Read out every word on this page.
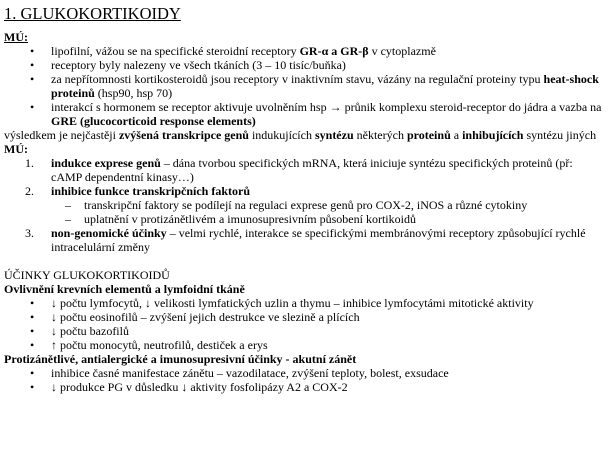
1. GLUKOKORTIKOIDY
MÚ:
• lipofilní, vážou se na specifické steroidní receptory GR-α a GR-β v cytoplazmě
• receptory byly nalezeny ve všech tkáních (3 – 10 tisíc/buňka)
• za nepřítomnosti kortikosteroidů jsou receptory v inaktivním stavu, vázány na regulační proteiny typu heat-shock proteinů (hsp90, hsp 70)
• interakcí s hormonem se receptor aktivuje uvolněním hsp → průnik komplexu steroid-receptor do jádra a vazba na GRE (glucocorticoid response elements)

výsledkem je nejčastěji zvýšená transkripce genů indukujících syntézu některých proteinů a inhibujících syntézu jiných

MÚ:
1. indukce exprese genů – dána tvorbou specifických mRNA, která iniciuje syntézu specifických proteinů (př: cAMP dependentní kinasy…)
2. inhibice funkce transkripčních faktorů
– transkripční faktory se podílejí na regulaci exprese genů pro COX-2, iNOS a různé cytokiny
– uplatnění v protizánětlivém a imunosupresivním působení kortikoidů
3. non-genomické účinky – velmi rychlé, interakce se specifickými membránovými receptory způsobující rychlé intracelulární změny
ÚČINKY GLUKOKORTIKOIDŮ
Ovlivnění krevních elementů a lymfoidní tkáně
• ↓ počtu lymfocytů, ↓ velikosti lymfatických uzlin a thymu – inhibice lymfocytámi mitotické aktivity
• ↓ počtu eosinofilů – zvýšení jejich destrukce ve slezině a plících
• ↓ počtu bazofilů
• ↑ počtu monocytů, neutrofilů, destiček a erys
Protizánětlivé, antialergické a imunosupresivní účinky - akutní zánět
• inhibice časné manifestace zánětu – vazodilatace, zvýšení teploty, bolest, exsudace
• ↓ produkce PG v důsledku ↓ aktivity fosfolipázy A2 a COX-2
